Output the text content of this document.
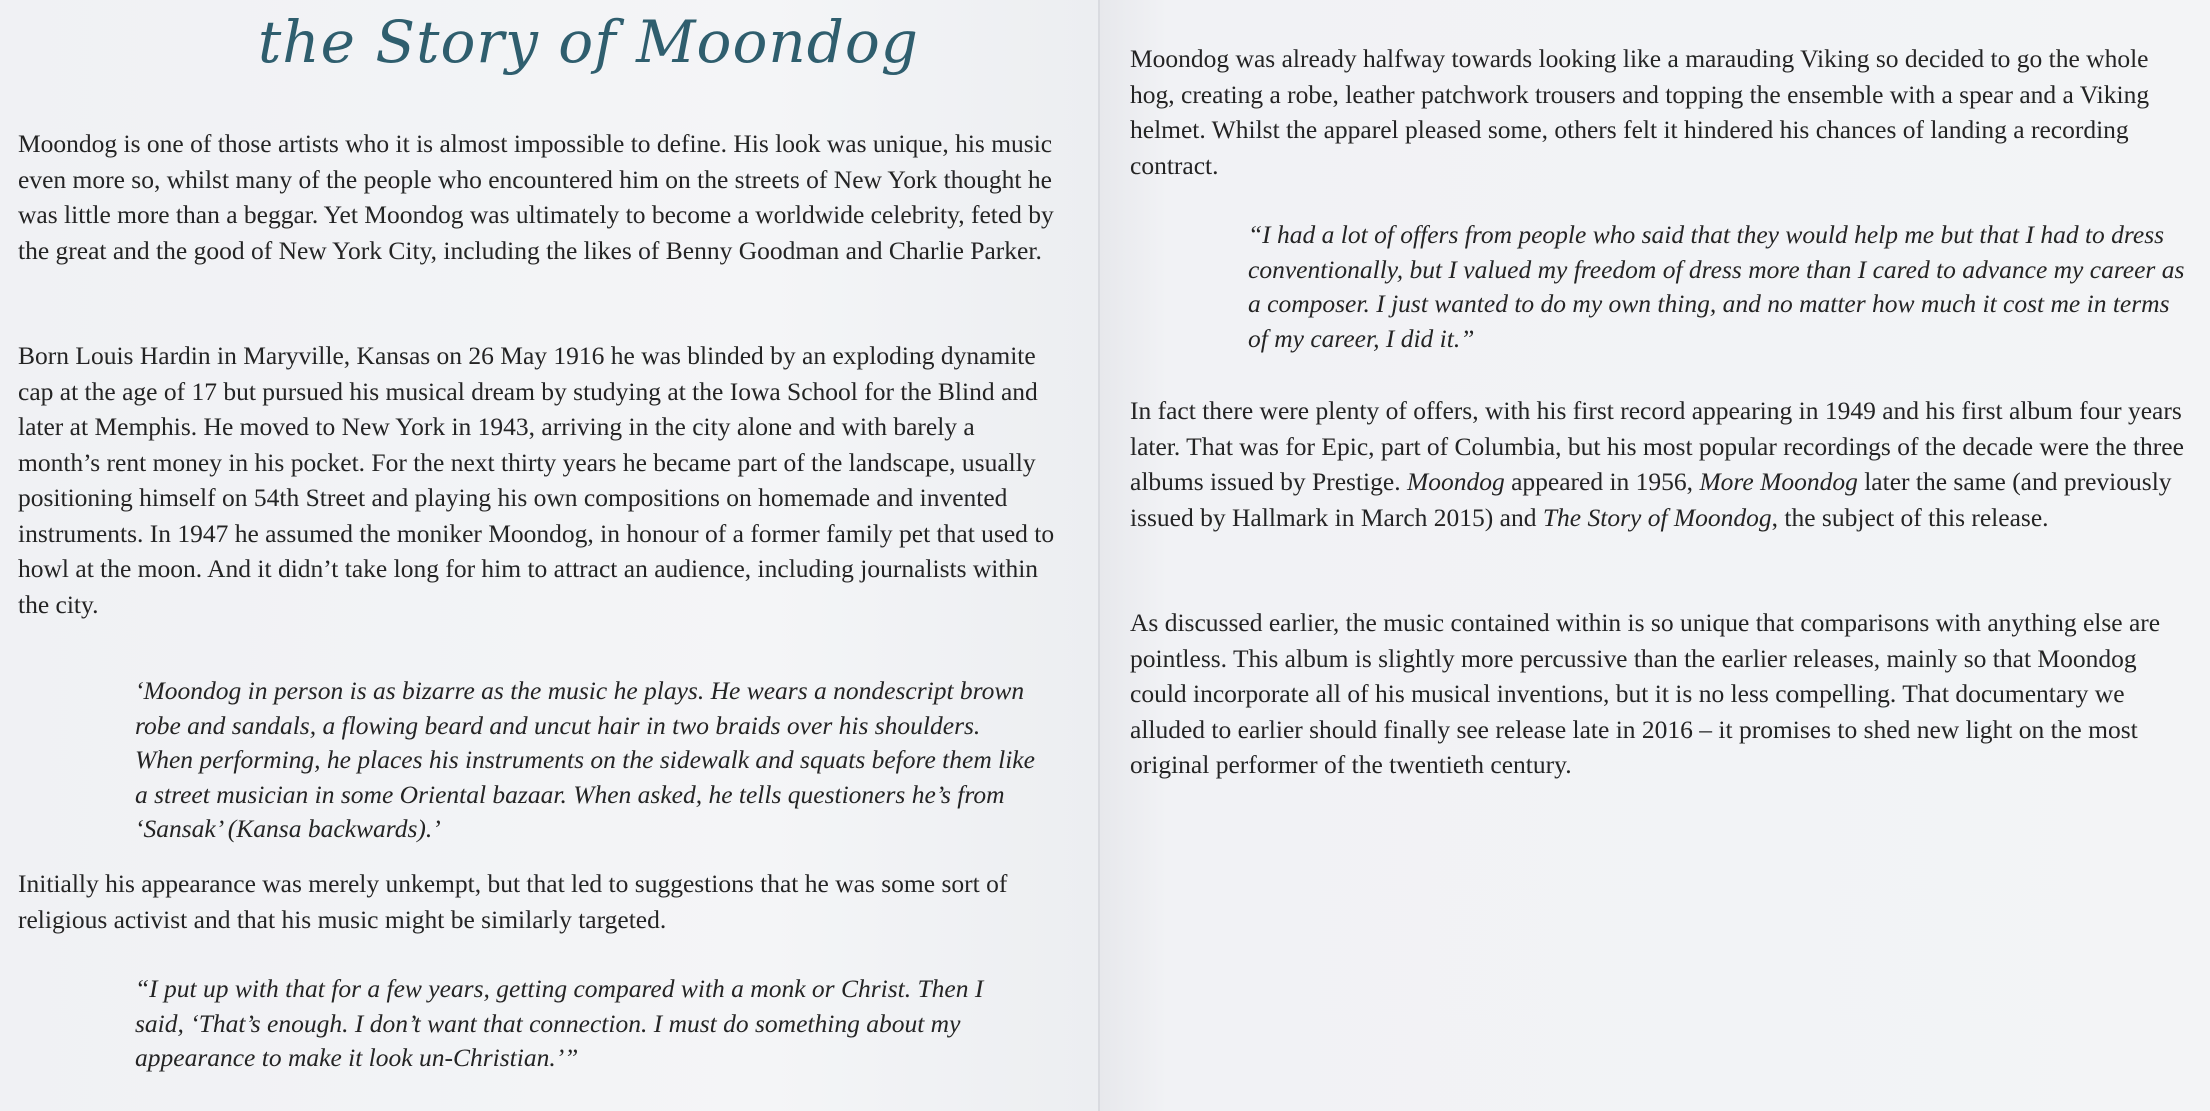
the Story of Moondog

Moondog is one of those artists who it is almost impossible to define. His look was unique, his music even more so, whilst many of the people who encountered him on the streets of New York thought he was little more than a beggar. Yet Moondog was ultimately to become a worldwide celebrity, feted by the great and the good of New York City, including the likes of Benny Goodman and Charlie Parker.

Born Louis Hardin in Maryville, Kansas on 26 May 1916 he was blinded by an exploding dynamite cap at the age of 17 but pursued his musical dream by studying at the Iowa School for the Blind and later at Memphis. He moved to New York in 1943, arriving in the city alone and with barely a month’s rent money in his pocket. For the next thirty years he became part of the landscape, usually positioning himself on 54th Street and playing his own compositions on homemade and invented instruments. In 1947 he assumed the moniker Moondog, in honour of a former family pet that used to howl at the moon. And it didn’t take long for him to attract an audience, including journalists within the city.

‘Moondog in person is as bizarre as the music he plays. He wears a nondescript brown robe and sandals, a flowing beard and uncut hair in two braids over his shoulders. When performing, he places his instruments on the sidewalk and squats before them like a street musician in some Oriental bazaar. When asked, he tells questioners he’s from ‘Sansak’ (Kansa backwards).’

Initially his appearance was merely unkempt, but that led to suggestions that he was some sort of religious activist and that his music might be similarly targeted.

“I put up with that for a few years, getting compared with a monk or Christ. Then I said, ‘That’s enough. I don’t want that connection. I must do something about my appearance to make it look un-Christian.’”

Moondog was already halfway towards looking like a marauding Viking so decided to go the whole hog, creating a robe, leather patchwork trousers and topping the ensemble with a spear and a Viking helmet. Whilst the apparel pleased some, others felt it hindered his chances of landing a recording contract.

“I had a lot of offers from people who said that they would help me but that I had to dress conventionally, but I valued my freedom of dress more than I cared to advance my career as a composer. I just wanted to do my own thing, and no matter how much it cost me in terms of my career, I did it.”

In fact there were plenty of offers, with his first record appearing in 1949 and his first album four years later. That was for Epic, part of Columbia, but his most popular recordings of the decade were the three albums issued by Prestige. Moondog appeared in 1956, More Moondog later the same (and previously issued by Hallmark in March 2015) and The Story of Moondog, the subject of this release.

As discussed earlier, the music contained within is so unique that comparisons with anything else are pointless. This album is slightly more percussive than the earlier releases, mainly so that Moondog could incorporate all of his musical inventions, but it is no less compelling. That documentary we alluded to earlier should finally see release late in 2016 – it promises to shed new light on the most original performer of the twentieth century.
